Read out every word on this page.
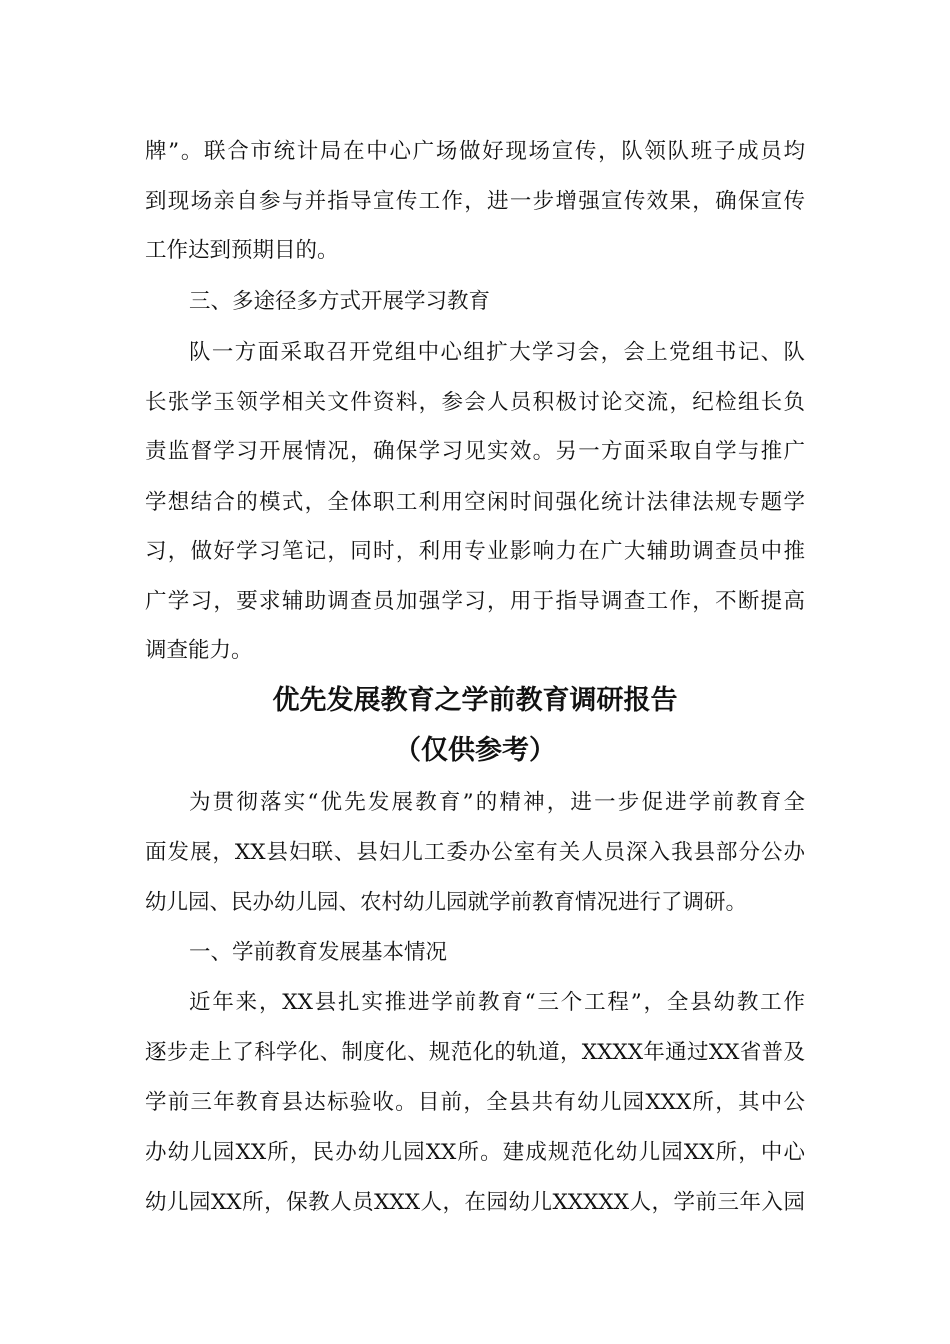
牌”。联合市统计局在中心广场做好现场宣传，队领队班子成员均
到现场亲自参与并指导宣传工作，进一步增强宣传效果，确保宣传
工作达到预期目的。
三、多途径多方式开展学习教育
队一方面采取召开党组中心组扩大学习会，会上党组书记、队
长张学玉领学相关文件资料，参会人员积极讨论交流，纪检组长负
责监督学习开展情况，确保学习见实效。另一方面采取自学与推广
学想结合的模式，全体职工利用空闲时间强化统计法律法规专题学
习，做好学习笔记，同时，利用专业影响力在广大辅助调查员中推
广学习，要求辅助调查员加强学习，用于指导调查工作，不断提高
调查能力。
优先发展教育之学前教育调研报告
（仅供参考）
为贯彻落实“优先发展教育”的精神，进一步促进学前教育全
面发展，XX县妇联、县妇儿工委办公室有关人员深入我县部分公办
幼儿园、民办幼儿园、农村幼儿园就学前教育情况进行了调研。
一、学前教育发展基本情况
近年来，XX县扎实推进学前教育“三个工程”，全县幼教工作
逐步走上了科学化、制度化、规范化的轨道，XXXX年通过XX省普及
学前三年教育县达标验收。目前，全县共有幼儿园XXX所，其中公
办幼儿园XX所，民办幼儿园XX所。建成规范化幼儿园XX所，中心
幼儿园XX所，保教人员XXX人，在园幼儿XXXXX人，学前三年入园
